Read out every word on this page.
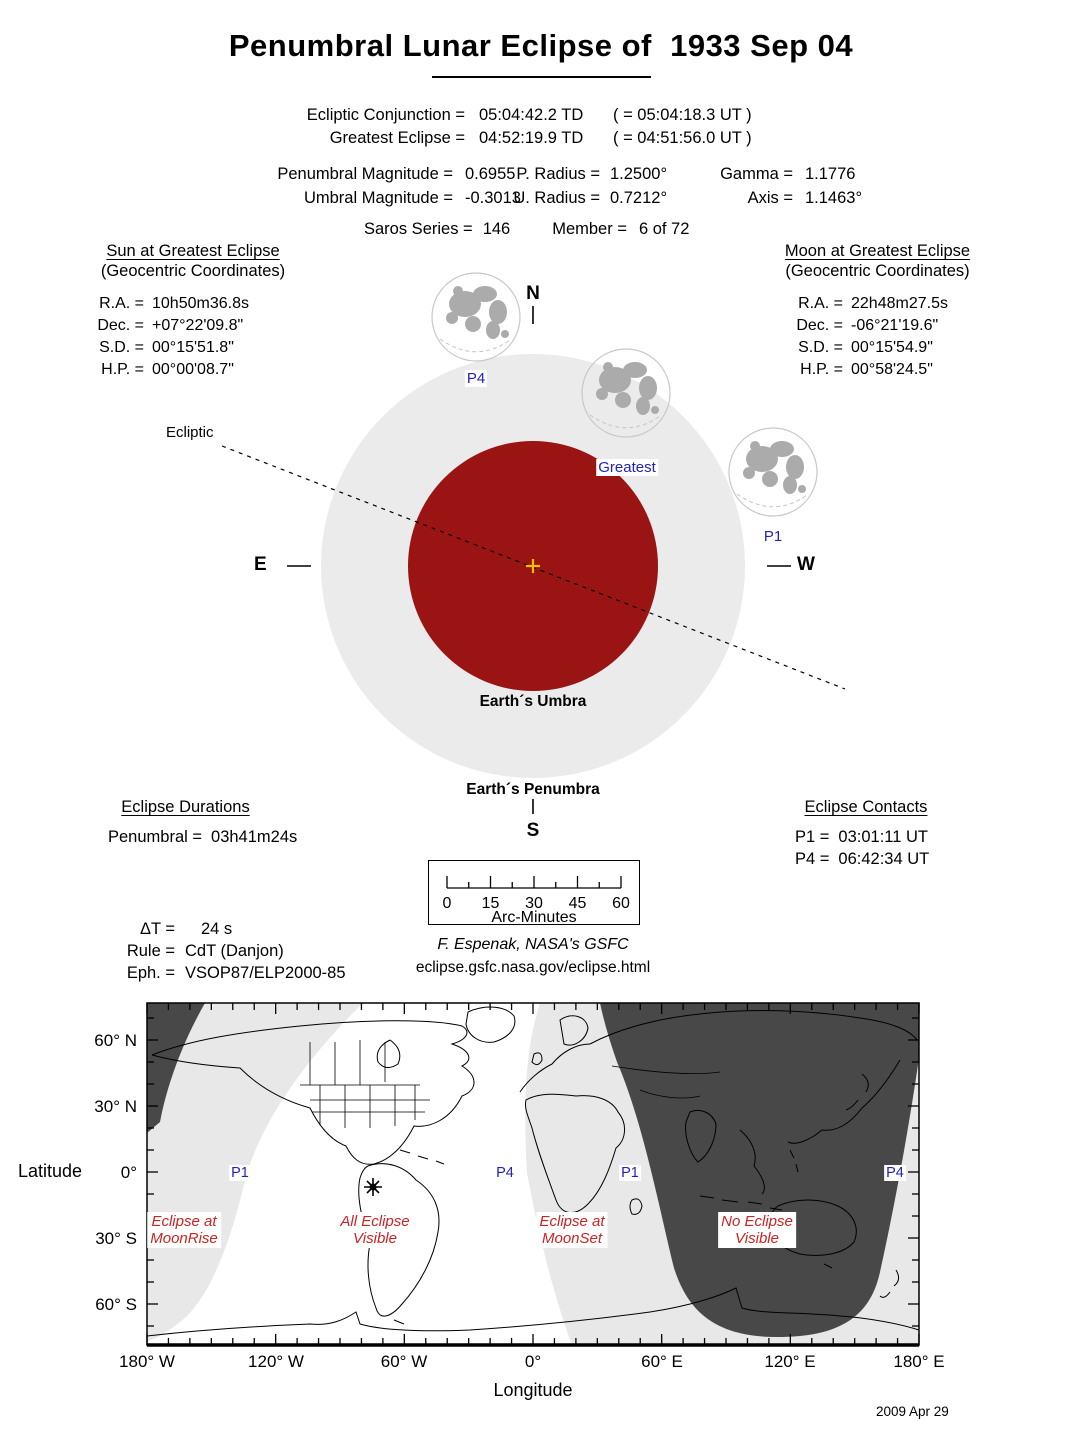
Penumbral Lunar Eclipse of  1933 Sep 04
Ecliptic Conjunction = 05:04:42.2 TD	( = 05:04:18.3 UT )
Greatest Eclipse = 04:52:19.9 TD	( = 04:51:56.0 UT )
Penumbral Magnitude = 0.6955
Umbral Magnitude = -0.3013
P. Radius = 1.2500°
U. Radius = 0.7212°
Gamma = 1.1776
Axis = 1.1463°
Saros Series = 146	Member = 6 of 72
Sun at Greatest Eclipse
(Geocentric Coordinates)
R.A. = 10h50m36.8s
Dec. = +07°22'09.8"
S.D. = 00°15'51.8"
H.P. = 00°00'08.7"
Moon at Greatest Eclipse
(Geocentric Coordinates)
R.A. = 22h48m27.5s
Dec. = -06°21'19.6"
S.D. = 00°15'54.9"
H.P. = 00°58'24.5"
Ecliptic
N
E	W
S
P4
Greatest
P1
Earth´s Umbra
Earth´s Penumbra
Eclipse Durations
Penumbral = 03h41m24s
Eclipse Contacts
P1 = 03:01:11 UT
P4 = 06:42:34 UT
0 15 30 45 60
Arc-Minutes
ΔT = 24 s
Rule = CdT (Danjon)
Eph. = VSOP87/ELP2000-85
F. Espenak, NASA's GSFC
eclipse.gsfc.nasa.gov/eclipse.html
60° N
30° N
0°
30° S
60° S
Latitude
180° W	120° W	60° W	0°	60° E	120° E	180° E
Longitude
Eclipse at
MoonRise
All Eclipse
Visible
Eclipse at
MoonSet
No Eclipse
Visible
P1	P4	P1	P4
2009 Apr 29
